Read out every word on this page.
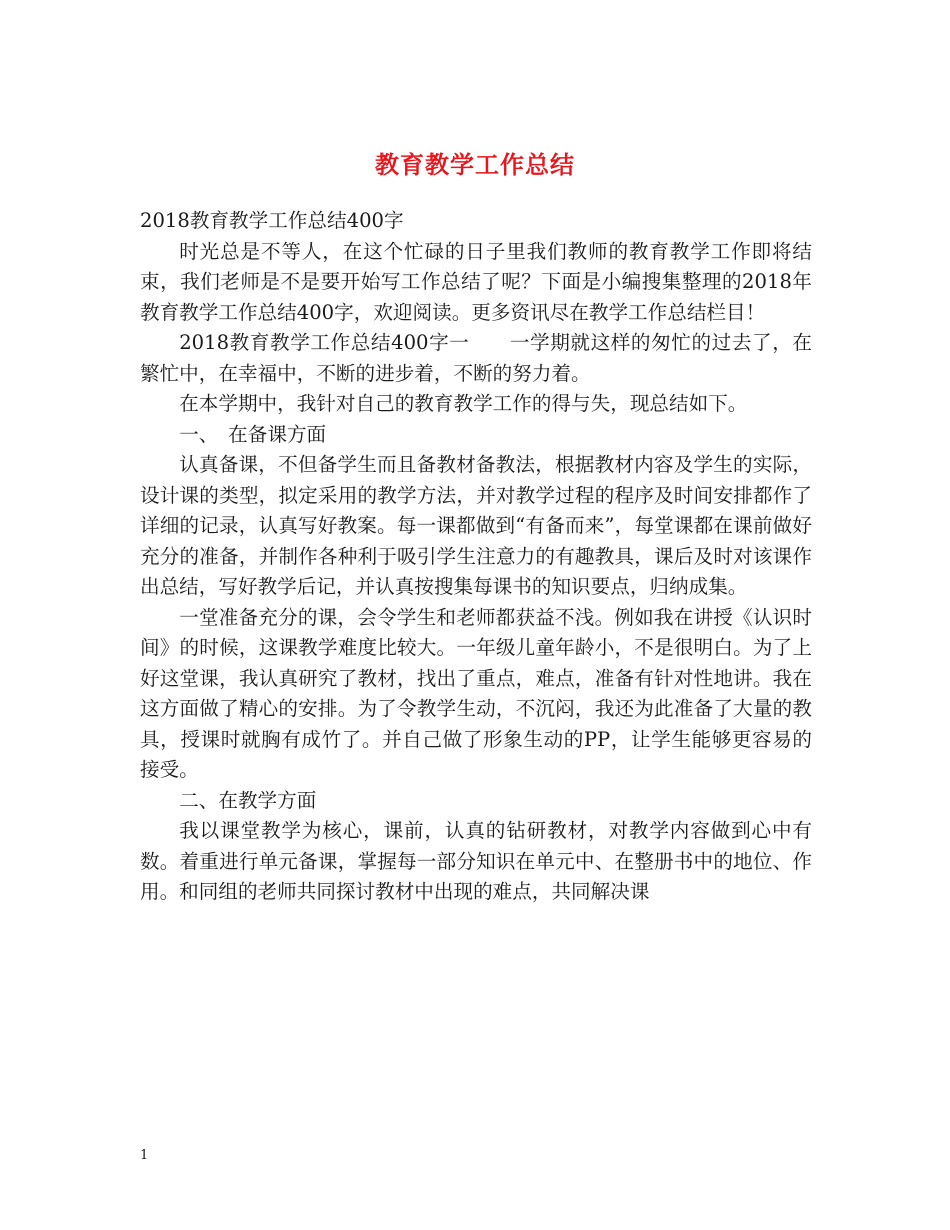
教育教学工作总结

2018教育教学工作总结400字

时光总是不等人，在这个忙碌的日子里我们教师的教育教学工作即将结束，我们老师是不是要开始写工作总结了呢？下面是小编搜集整理的2018年教育教学工作总结400字，欢迎阅读。更多资讯尽在教学工作总结栏目！

2018教育教学工作总结400字一　　一学期就这样的匆忙的过去了，在繁忙中，在幸福中，不断的进步着，不断的努力着。

在本学期中，我针对自己的教育教学工作的得与失，现总结如下。

一、　在备课方面

认真备课，不但备学生而且备教材备教法，根据教材内容及学生的实际，设计课的类型，拟定采用的教学方法，并对教学过程的程序及时间安排都作了详细的记录，认真写好教案。每一课都做到“有备而来”，每堂课都在课前做好充分的准备，并制作各种利于吸引学生注意力的有趣教具，课后及时对该课作出总结，写好教学后记，并认真按搜集每课书的知识要点，归纳成集。

一堂准备充分的课，会令学生和老师都获益不浅。例如我在讲授《认识时间》的时候，这课教学难度比较大。一年级儿童年龄小，不是很明白。为了上好这堂课，我认真研究了教材，找出了重点，难点，准备有针对性地讲。我在这方面做了精心的安排。为了令教学生动，不沉闷，我还为此准备了大量的教具，授课时就胸有成竹了。并自己做了形象生动的PP，让学生能够更容易的接受。

二、在教学方面

我以课堂教学为核心，课前，认真的钻研教材，对教学内容做到心中有数。着重进行单元备课，掌握每一部分知识在单元中、在整册书中的地位、作用。和同组的老师共同探讨教材中出现的难点，共同解决课

1
